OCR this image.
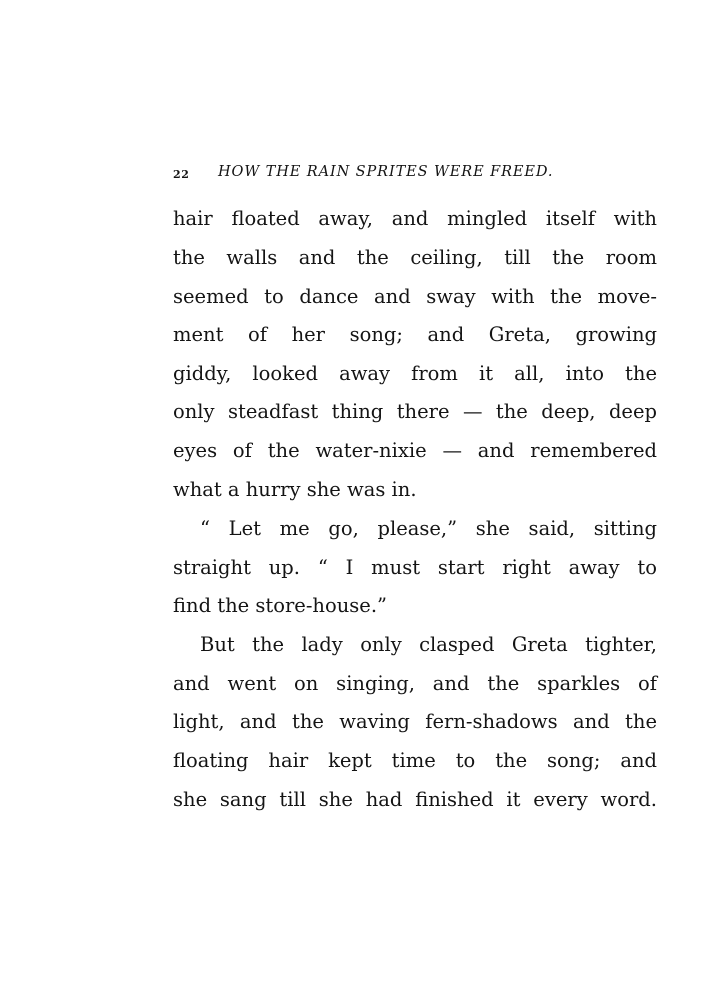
22 HOW THE RAIN SPRITES WERE FREED.
hair floated away, and mingled itself with
the walls and the ceiling, till the room
seemed to dance and sway with the move-
ment of her song; and Greta, growing
giddy, looked away from it all, into the
only steadfast thing there — the deep, deep
eyes of the water-nixie — and remembered
what a hurry she was in.
“ Let me go, please,” she said, sitting
straight up. “ I must start right away to
find the store-house.”
But the lady only clasped Greta tighter,
and went on singing, and the sparkles of
light, and the waving fern-shadows and the
floating hair kept time to the song; and
she sang till she had finished it every word.
